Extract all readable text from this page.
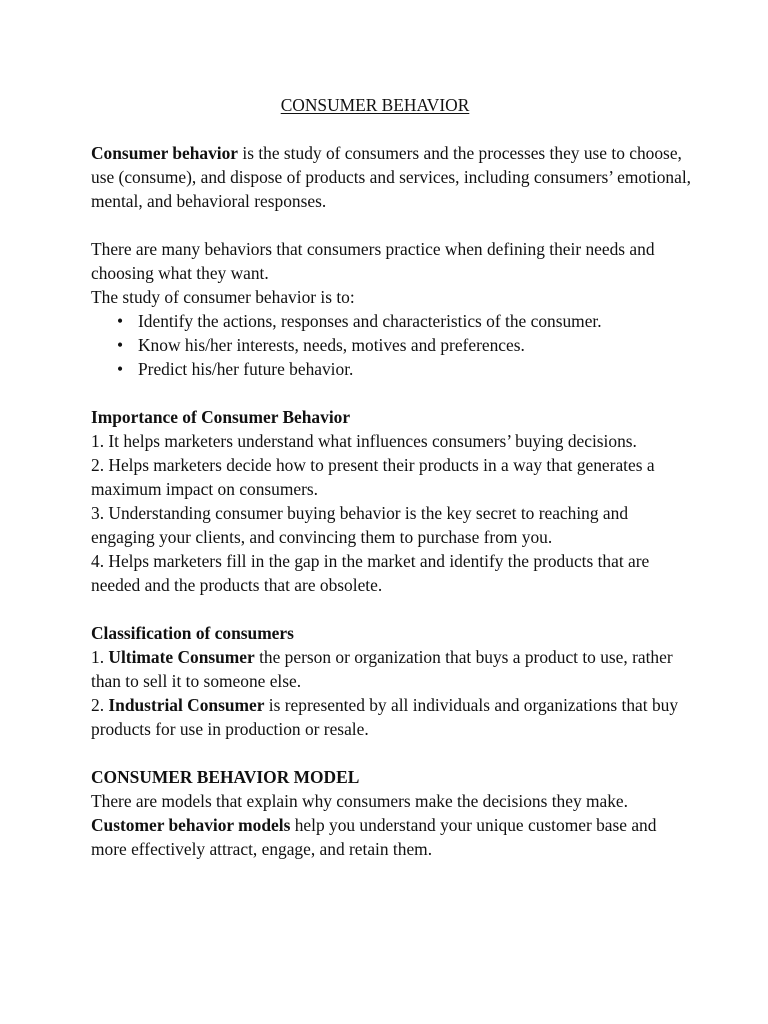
CONSUMER BEHAVIOR

Consumer behavior is the study of consumers and the processes they use to choose, use (consume), and dispose of products and services, including consumers’ emotional, mental, and behavioral responses.

There are many behaviors that consumers practice when defining their needs and choosing what they want.

The study of consumer behavior is to:

• Identify the actions, responses and characteristics of the consumer.
• Know his/her interests, needs, motives and preferences.
• Predict his/her future behavior.

Importance of Consumer Behavior

1. It helps marketers understand what influences consumers’ buying decisions.

2. Helps marketers decide how to present their products in a way that generates a maximum impact on consumers.

3. Understanding consumer buying behavior is the key secret to reaching and engaging your clients, and convincing them to purchase from you.

4. Helps marketers fill in the gap in the market and identify the products that are needed and the products that are obsolete.

Classification of consumers

1. Ultimate Consumer the person or organization that buys a product to use, rather than to sell it to someone else.

2. Industrial Consumer is represented by all individuals and organizations that buy products for use in production or resale.

CONSUMER BEHAVIOR MODEL

There are models that explain why consumers make the decisions they make. Customer behavior models help you understand your unique customer base and more effectively attract, engage, and retain them.
